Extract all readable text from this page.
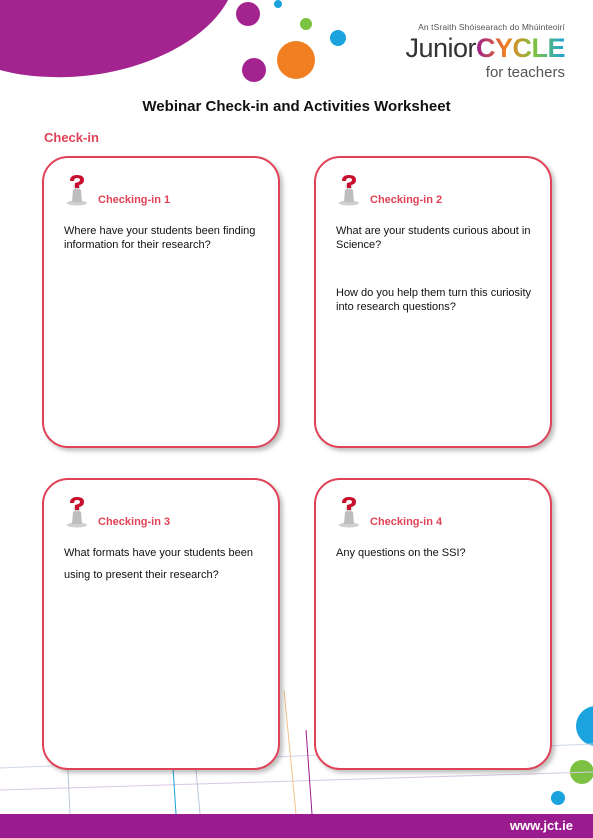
An tSraith Shóisearach do Mhúinteoirí
JuniorCYCLE
for teachers
Webinar Check-in and Activities Worksheet
Check-in
Checking-in 1

Where have your students been finding information for their research?

Checking-in 2

What are your students curious about in Science?

How do you help them turn this curiosity into research questions?

Checking-in 3

What formats have your students been using to present their research?

Checking-in 4

Any questions on the SSI?

www.jct.ie
